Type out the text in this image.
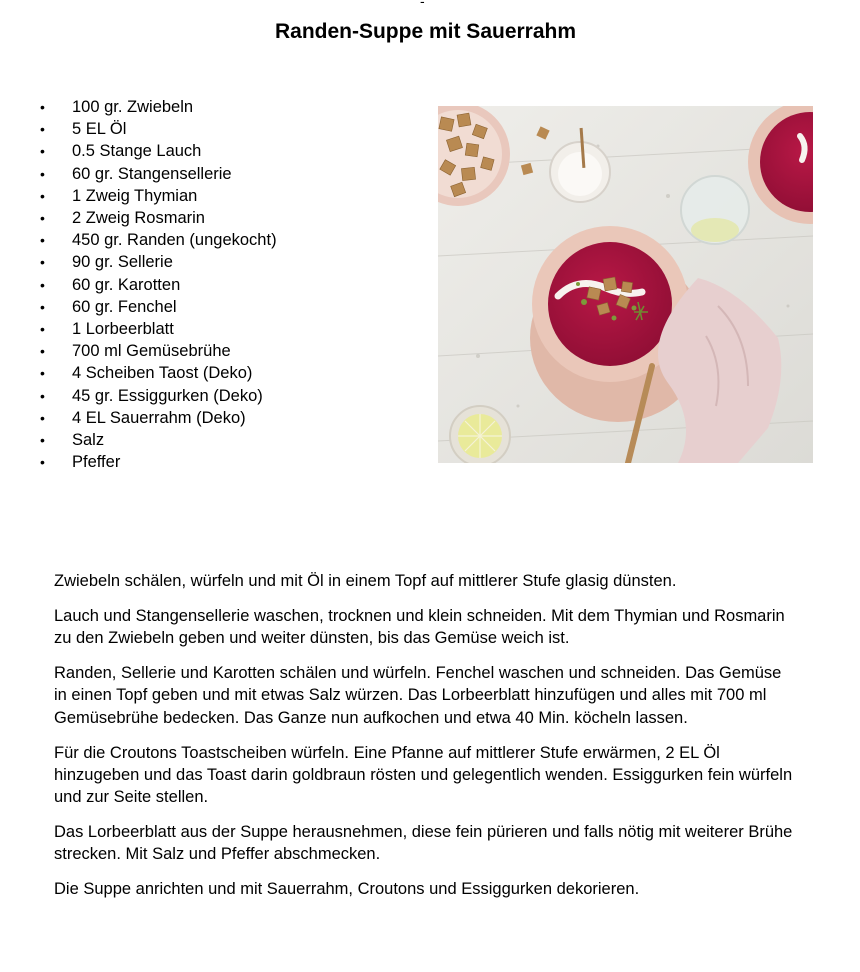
-
Randen-Suppe mit Sauerrahm
• 100 gr. Zwiebeln
• 5 EL Öl
• 0.5 Stange Lauch
• 60 gr. Stangensellerie
• 1 Zweig Thymian
• 2 Zweig Rosmarin
• 450 gr. Randen (ungekocht)
• 90 gr. Sellerie
• 60 gr. Karotten
• 60 gr. Fenchel
• 1 Lorbeerblatt
• 700 ml Gemüsebrühe
• 4 Scheiben Taost (Deko)
• 45 gr. Essiggurken (Deko)
• 4 EL Sauerrahm (Deko)
• Salz
• Pfeffer

Zwiebeln schälen, würfeln und mit Öl in einem Topf auf mittlerer Stufe glasig dünsten.

Lauch und Stangensellerie waschen, trocknen und klein schneiden. Mit dem Thymian und Rosmarin zu den Zwiebeln geben und weiter dünsten, bis das Gemüse weich ist.

Randen, Sellerie und Karotten schälen und würfeln. Fenchel waschen und schneiden. Das Gemüse in einen Topf geben und mit etwas Salz würzen. Das Lorbeerblatt hinzufügen und alles mit 700 ml Gemüsebrühe bedecken. Das Ganze nun aufkochen und etwa 40 Min. köcheln lassen.

Für die Croutons Toastscheiben würfeln. Eine Pfanne auf mittlerer Stufe erwärmen, 2 EL Öl hinzugeben und das Toast darin goldbraun rösten und gelegentlich wenden. Essiggurken fein würfeln und zur Seite stellen.

Das Lorbeerblatt aus der Suppe herausnehmen, diese fein pürieren und falls nötig mit weiterer Brühe strecken. Mit Salz und Pfeffer abschmecken.

Die Suppe anrichten und mit Sauerrahm, Croutons und Essiggurken dekorieren.
